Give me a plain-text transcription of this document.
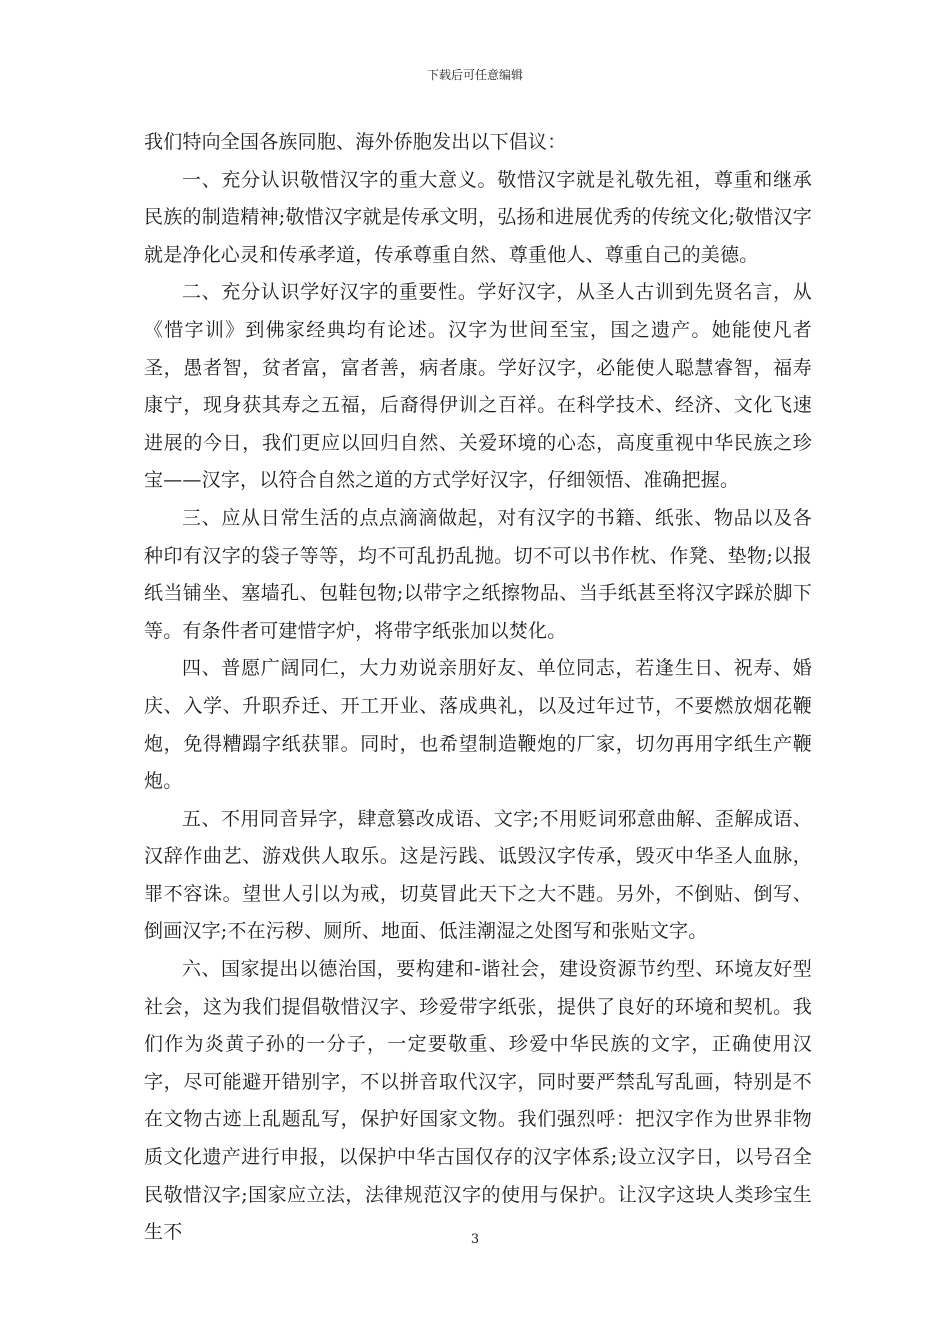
下载后可任意编辑

我们特向全国各族同胞、海外侨胞发出以下倡议：

一、充分认识敬惜汉字的重大意义。敬惜汉字就是礼敬先祖，尊重和继承民族的制造精神;敬惜汉字就是传承文明，弘扬和进展优秀的传统文化;敬惜汉字就是净化心灵和传承孝道，传承尊重自然、尊重他人、尊重自己的美德。

二、充分认识学好汉字的重要性。学好汉字，从圣人古训到先贤名言，从《惜字训》到佛家经典均有论述。汉字为世间至宝，国之遗产。她能使凡者圣，愚者智，贫者富，富者善，病者康。学好汉字，必能使人聪慧睿智，福寿康宁，现身获其寿之五福，后裔得伊训之百祥。在科学技术、经济、文化飞速进展的今日，我们更应以回归自然、关爱环境的心态，高度重视中华民族之珍宝——汉字，以符合自然之道的方式学好汉字，仔细领悟、准确把握。

三、应从日常生活的点点滴滴做起，对有汉字的书籍、纸张、物品以及各种印有汉字的袋子等等，均不可乱扔乱抛。切不可以书作枕、作凳、垫物;以报纸当铺坐、塞墙孔、包鞋包物;以带字之纸擦物品、当手纸甚至将汉字踩於脚下等。有条件者可建惜字炉，将带字纸张加以焚化。

四、普愿广阔同仁，大力劝说亲朋好友、单位同志，若逢生日、祝寿、婚庆、入学、升职乔迁、开工开业、落成典礼，以及过年过节，不要燃放烟花鞭炮，免得糟蹋字纸获罪。同时，也希望制造鞭炮的厂家，切勿再用字纸生产鞭炮。

五、不用同音异字，肆意篡改成语、文字;不用贬词邪意曲解、歪解成语、汉辞作曲艺、游戏供人取乐。这是污践、诋毁汉字传承，毁灭中华圣人血脉，罪不容诛。望世人引以为戒，切莫冒此天下之大不韪。另外，不倒贴、倒写、倒画汉字;不在污秽、厕所、地面、低洼潮湿之处图写和张贴文字。

六、国家提出以德治国，要构建和-谐社会，建设资源节约型、环境友好型社会，这为我们提倡敬惜汉字、珍爱带字纸张，提供了良好的环境和契机。我们作为炎黄子孙的一分子，一定要敬重、珍爱中华民族的文字，正确使用汉字，尽可能避开错别字，不以拼音取代汉字，同时要严禁乱写乱画，特别是不在文物古迹上乱题乱写，保护好国家文物。我们强烈呼：把汉字作为世界非物质文化遗产进行申报，以保护中华古国仅存的汉字体系;设立汉字日，以号召全民敬惜汉字;国家应立法，法律规范汉字的使用与保护。让汉字这块人类珍宝生生不	3
